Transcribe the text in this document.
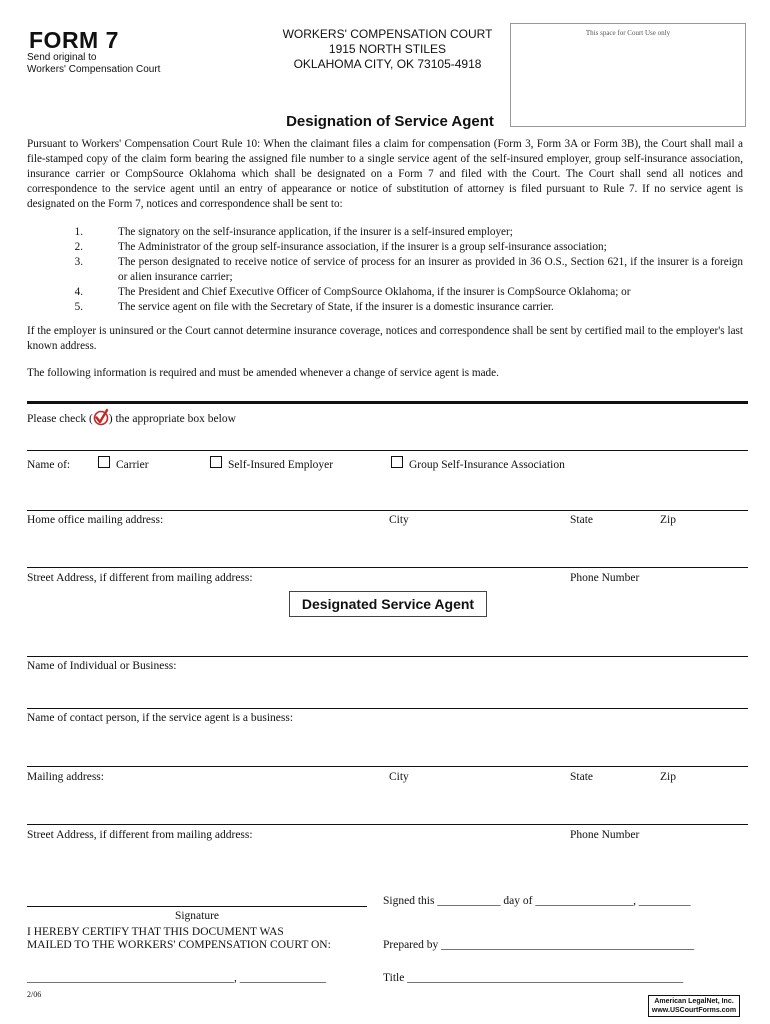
FORM 7
Send original to
Workers' Compensation Court
WORKERS' COMPENSATION COURT
1915 NORTH STILES
OKLAHOMA CITY, OK 73105-4918
This space for Court Use only
Designation of Service Agent
Pursuant to Workers' Compensation Court Rule 10: When the claimant files a claim for compensation (Form 3, Form 3A or Form 3B), the Court shall mail a file-stamped copy of the claim form bearing the assigned file number to a single service agent of the self-insured employer, group self-insurance association, insurance carrier or CompSource Oklahoma which shall be designated on a Form 7 and filed with the Court. The Court shall send all notices and correspondence to the service agent until an entry of appearance or notice of substitution of attorney is filed pursuant to Rule 7. If no service agent is designated on the Form 7, notices and correspondence shall be sent to:
1.	The signatory on the self-insurance application, if the insurer is a self-insured employer;
2.	The Administrator of the group self-insurance association, if the insurer is a group self-insurance association;
3.	The person designated to receive notice of service of process for an insurer as provided in 36 O.S., Section 621, if the insurer is a foreign or alien insurance carrier;
4.	The President and Chief Executive Officer of CompSource Oklahoma, if the insurer is CompSource Oklahoma; or
5.	The service agent on file with the Secretary of State, if the insurer is a domestic insurance carrier.
If the employer is uninsured or the Court cannot determine insurance coverage, notices and correspondence shall be sent by certified mail to the employer's last known address.
The following information is required and must be amended whenever a change of service agent is made.
Please check ( ) the appropriate box below
Name of:	Carrier	Self-Insured Employer	Group Self-Insurance Association
Home office mailing address:	City	State	Zip
Street Address, if different from mailing address:	Phone Number
Designated Service Agent
Name of Individual or Business:
Name of contact person, if the service agent is a business:
Mailing address:	City	State	Zip
Street Address, if different from mailing address:	Phone Number
Signature
I HEREBY CERTIFY THAT THIS DOCUMENT WAS
MAILED TO THE WORKERS' COMPENSATION COURT ON:
____________________________________, _______________
Signed this ___________ day of _________________, _________
Prepared by ____________________________________________
Title ________________________________________________
2/06
American LegalNet, Inc.
www.USCourtForms.com
